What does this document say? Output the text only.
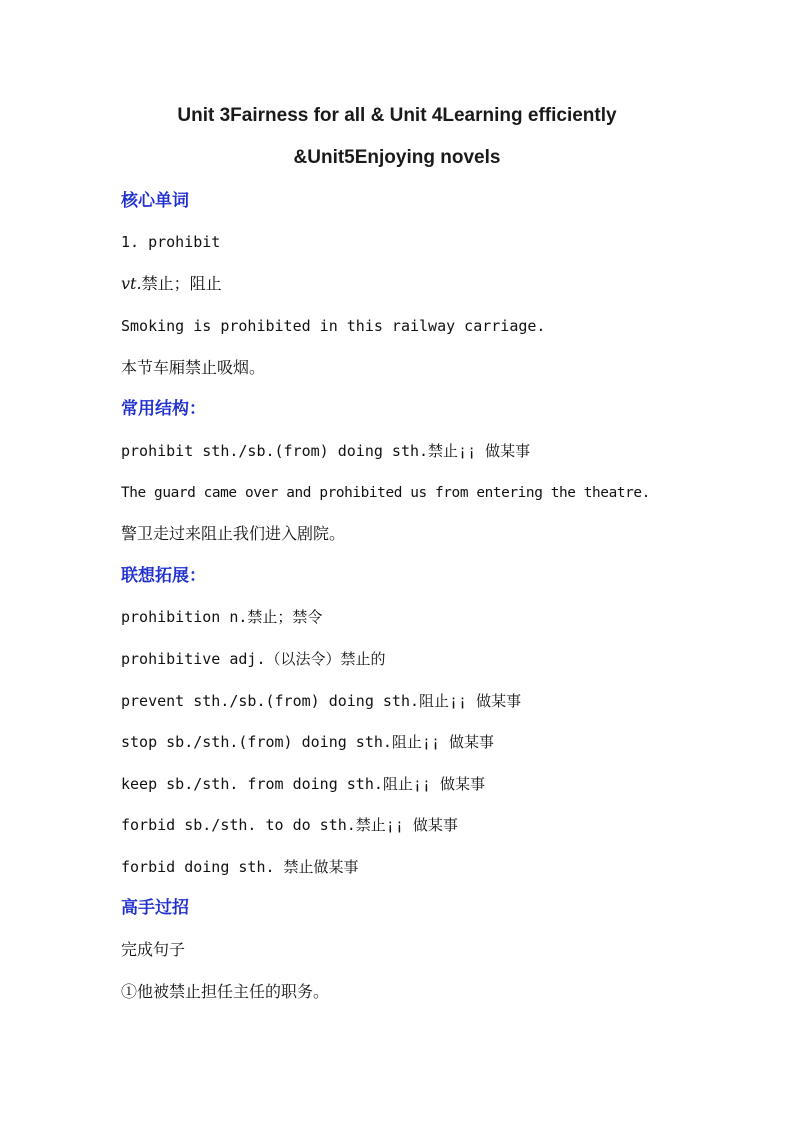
Unit 3Fairness for all & Unit 4Learning efficiently
&Unit5Enjoying novels
核心单词
1. prohibit
vt.禁止；阻止
Smoking is prohibited in this railway carriage.
本节车厢禁止吸烟。
常用结构：
prohibit sth./sb.(from) doing sth.禁止¡¡ 做某事
The guard came over and prohibited us from entering the theatre.
警卫走过来阻止我们进入剧院。
联想拓展：
prohibition n.禁止；禁令
prohibitive adj.（以法令）禁止的
prevent sth./sb.(from) doing sth.阻止¡¡ 做某事
stop sb./sth.(from) doing sth.阻止¡¡ 做某事
keep sb./sth. from doing sth.阻止¡¡ 做某事
forbid sb./sth. to do sth.禁止¡¡ 做某事
forbid doing sth. 禁止做某事
高手过招
完成句子
①他被禁止担任主任的职务。
